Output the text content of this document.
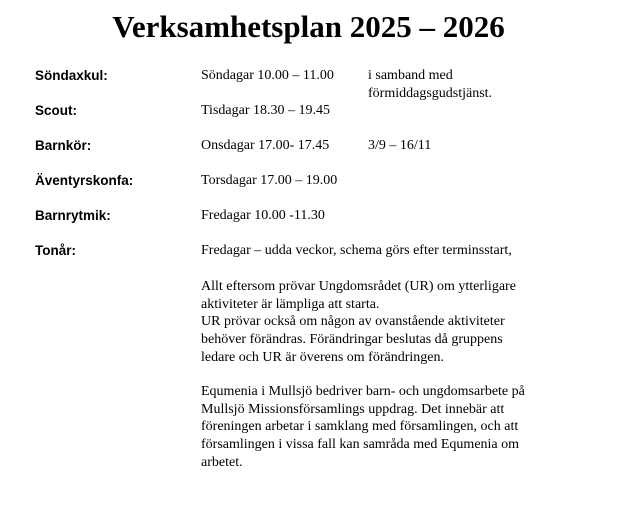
Verksamhetsplan 2025 – 2026
Söndaxkul:	Söndagar 10.00 – 11.00 i samband med
förmiddagsgudstjänst.
Scout:	Tisdagar 18.30 – 19.45
Barnkör:	Onsdagar 17.00- 17.45	3/9 – 16/11
Äventyrskonfa:	Torsdagar 17.00 – 19.00
Barnrytmik:	Fredagar 10.00 -11.30
Tonår:	Fredagar – udda veckor, schema görs efter terminsstart,
Allt eftersom prövar Ungdomsrådet (UR) om ytterligare
aktiviteter är lämpliga att starta.
UR prövar också om någon av ovanstående aktiviteter
behöver förändras. Förändringar beslutas då gruppens
ledare och UR är överens om förändringen.
Equmenia i Mullsjö bedriver barn- och ungdomsarbete på
Mullsjö Missionsförsamlings uppdrag. Det innebär att
föreningen arbetar i samklang med församlingen, och att
församlingen i vissa fall kan samråda med Equmenia om
arbetet.
